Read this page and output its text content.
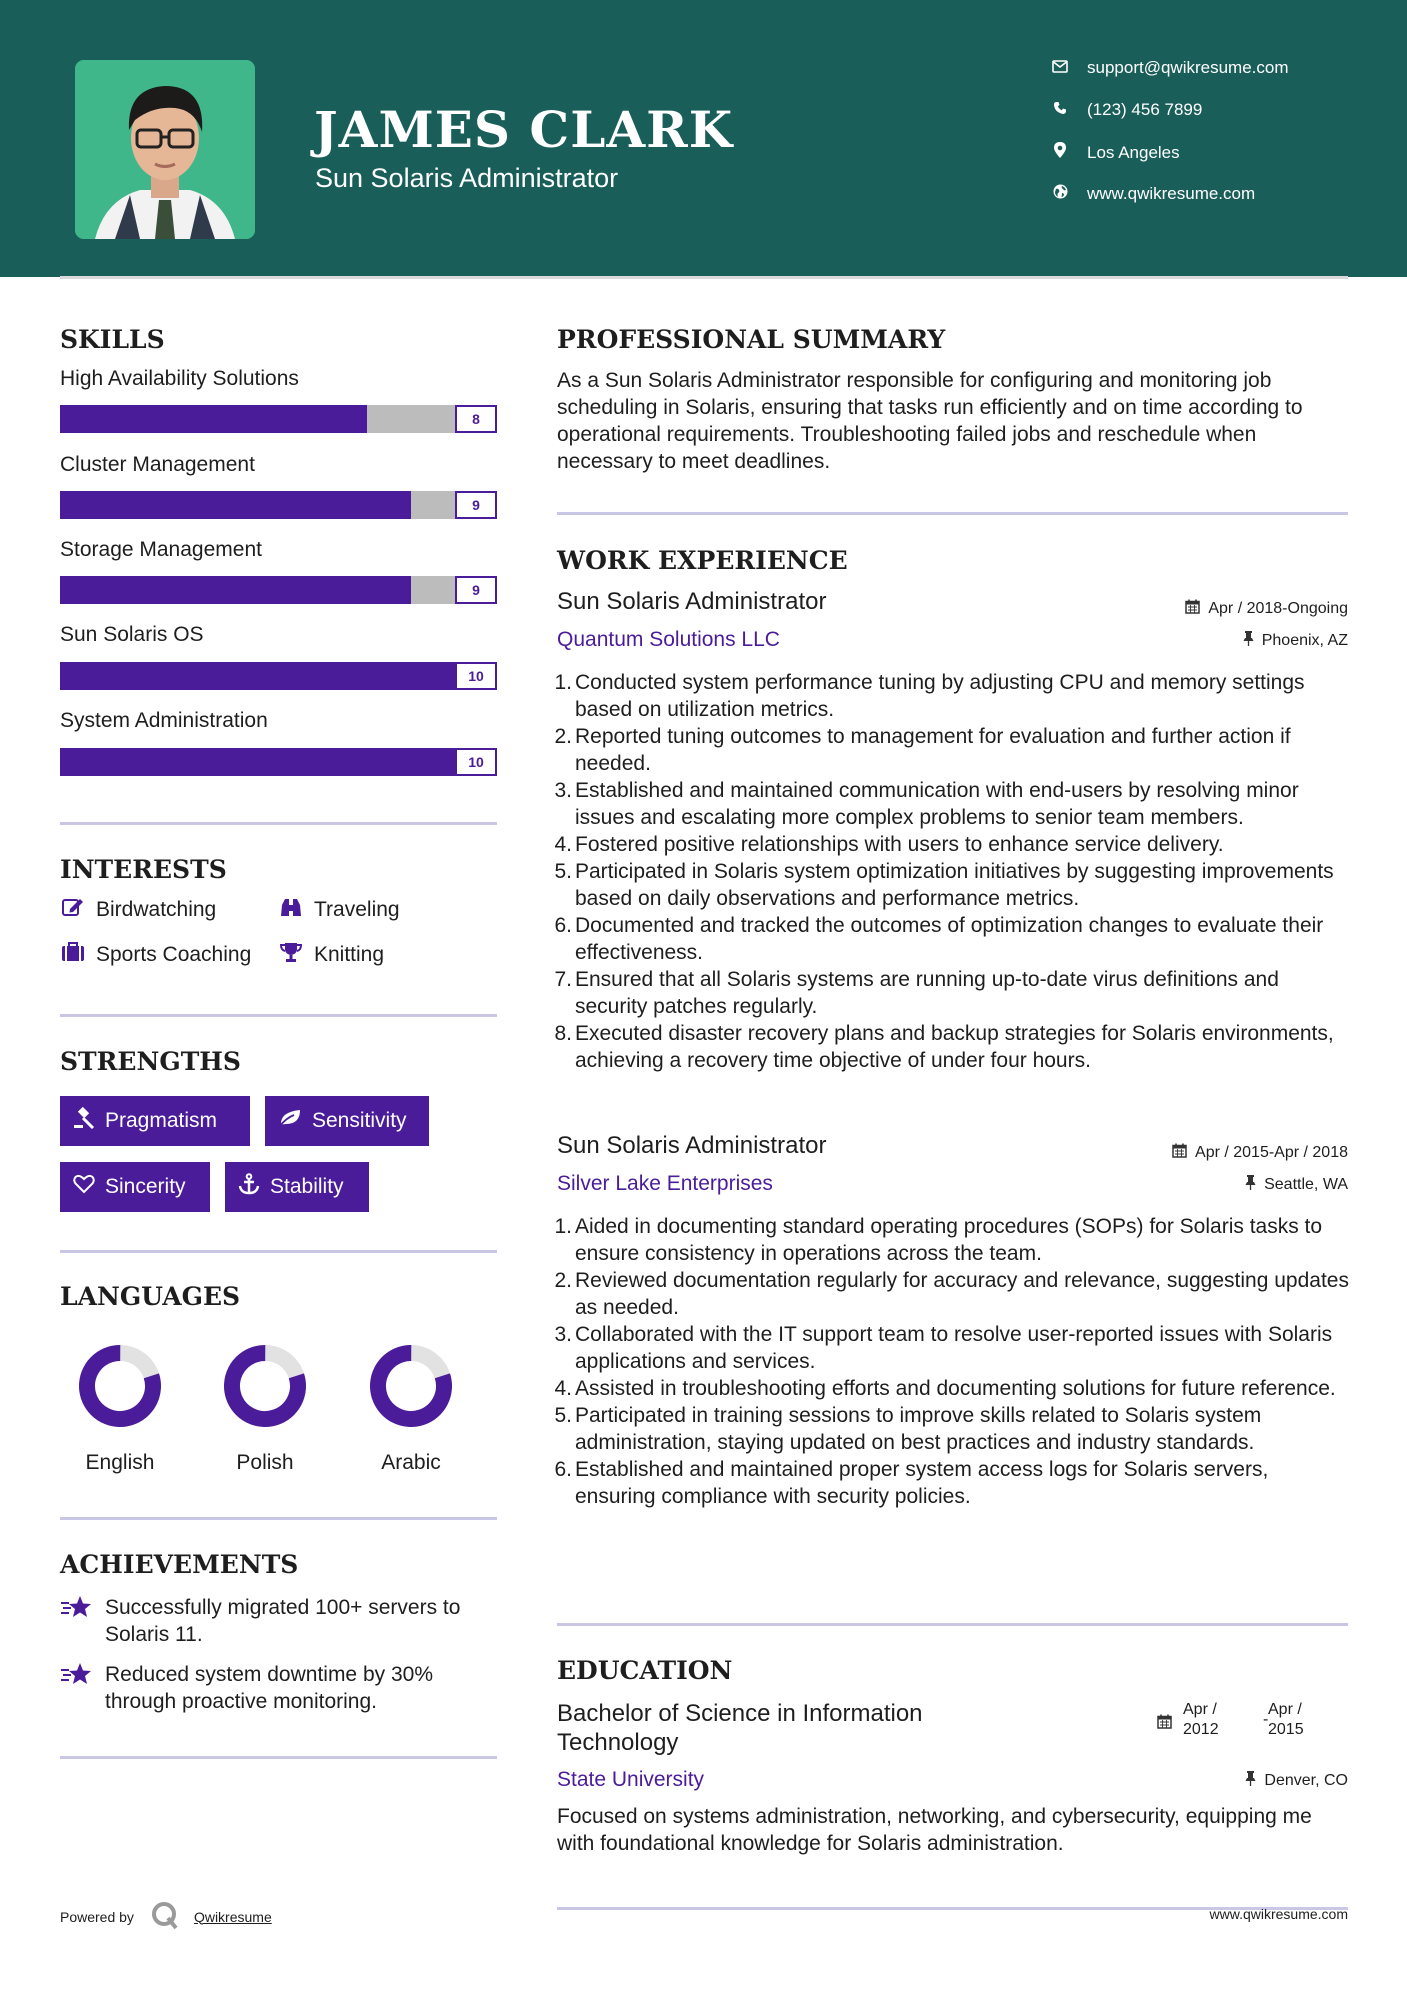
JAMES CLARK
Sun Solaris Administrator
support@qwikresume.com
(123) 456 7899
Los Angeles
www.qwikresume.com
SKILLS
High Availability Solutions
8
Cluster Management
9
Storage Management
9
Sun Solaris OS
10
System Administration
10
INTERESTS
Birdwatching	Traveling
Sports Coaching	Knitting
STRENGTHS
Pragmatism	Sensitivity
Sincerity	Stability
LANGUAGES
English	Polish	Arabic
ACHIEVEMENTS
Successfully migrated 100+ servers to Solaris 11.
Reduced system downtime by 30% through proactive monitoring.
PROFESSIONAL SUMMARY
As a Sun Solaris Administrator responsible for configuring and monitoring job scheduling in Solaris, ensuring that tasks run efficiently and on time according to operational requirements. Troubleshooting failed jobs and reschedule when necessary to meet deadlines.
WORK EXPERIENCE
Sun Solaris Administrator	Apr / 2018-Ongoing
Quantum Solutions LLC	Phoenix, AZ
1. Conducted system performance tuning by adjusting CPU and memory settings based on utilization metrics.
2. Reported tuning outcomes to management for evaluation and further action if needed.
3. Established and maintained communication with end-users by resolving minor issues and escalating more complex problems to senior team members.
4. Fostered positive relationships with users to enhance service delivery.
5. Participated in Solaris system optimization initiatives by suggesting improvements based on daily observations and performance metrics.
6. Documented and tracked the outcomes of optimization changes to evaluate their effectiveness.
7. Ensured that all Solaris systems are running up-to-date virus definitions and security patches regularly.
8. Executed disaster recovery plans and backup strategies for Solaris environments, achieving a recovery time objective of under four hours.
Sun Solaris Administrator	Apr / 2015-Apr / 2018
Silver Lake Enterprises	Seattle, WA
1. Aided in documenting standard operating procedures (SOPs) for Solaris tasks to ensure consistency in operations across the team.
2. Reviewed documentation regularly for accuracy and relevance, suggesting updates as needed.
3. Collaborated with the IT support team to resolve user-reported issues with Solaris applications and services.
4. Assisted in troubleshooting efforts and documenting solutions for future reference.
5. Participated in training sessions to improve skills related to Solaris system administration, staying updated on best practices and industry standards.
6. Established and maintained proper system access logs for Solaris servers, ensuring compliance with security policies.
EDUCATION
Bachelor of Science in Information
Technology
Apr /
2012
-
Apr /
2015
State University	Denver, CO
Focused on systems administration, networking, and cybersecurity, equipping me with foundational knowledge for Solaris administration.
Powered by	Qwikresume	www.qwikresume.com
